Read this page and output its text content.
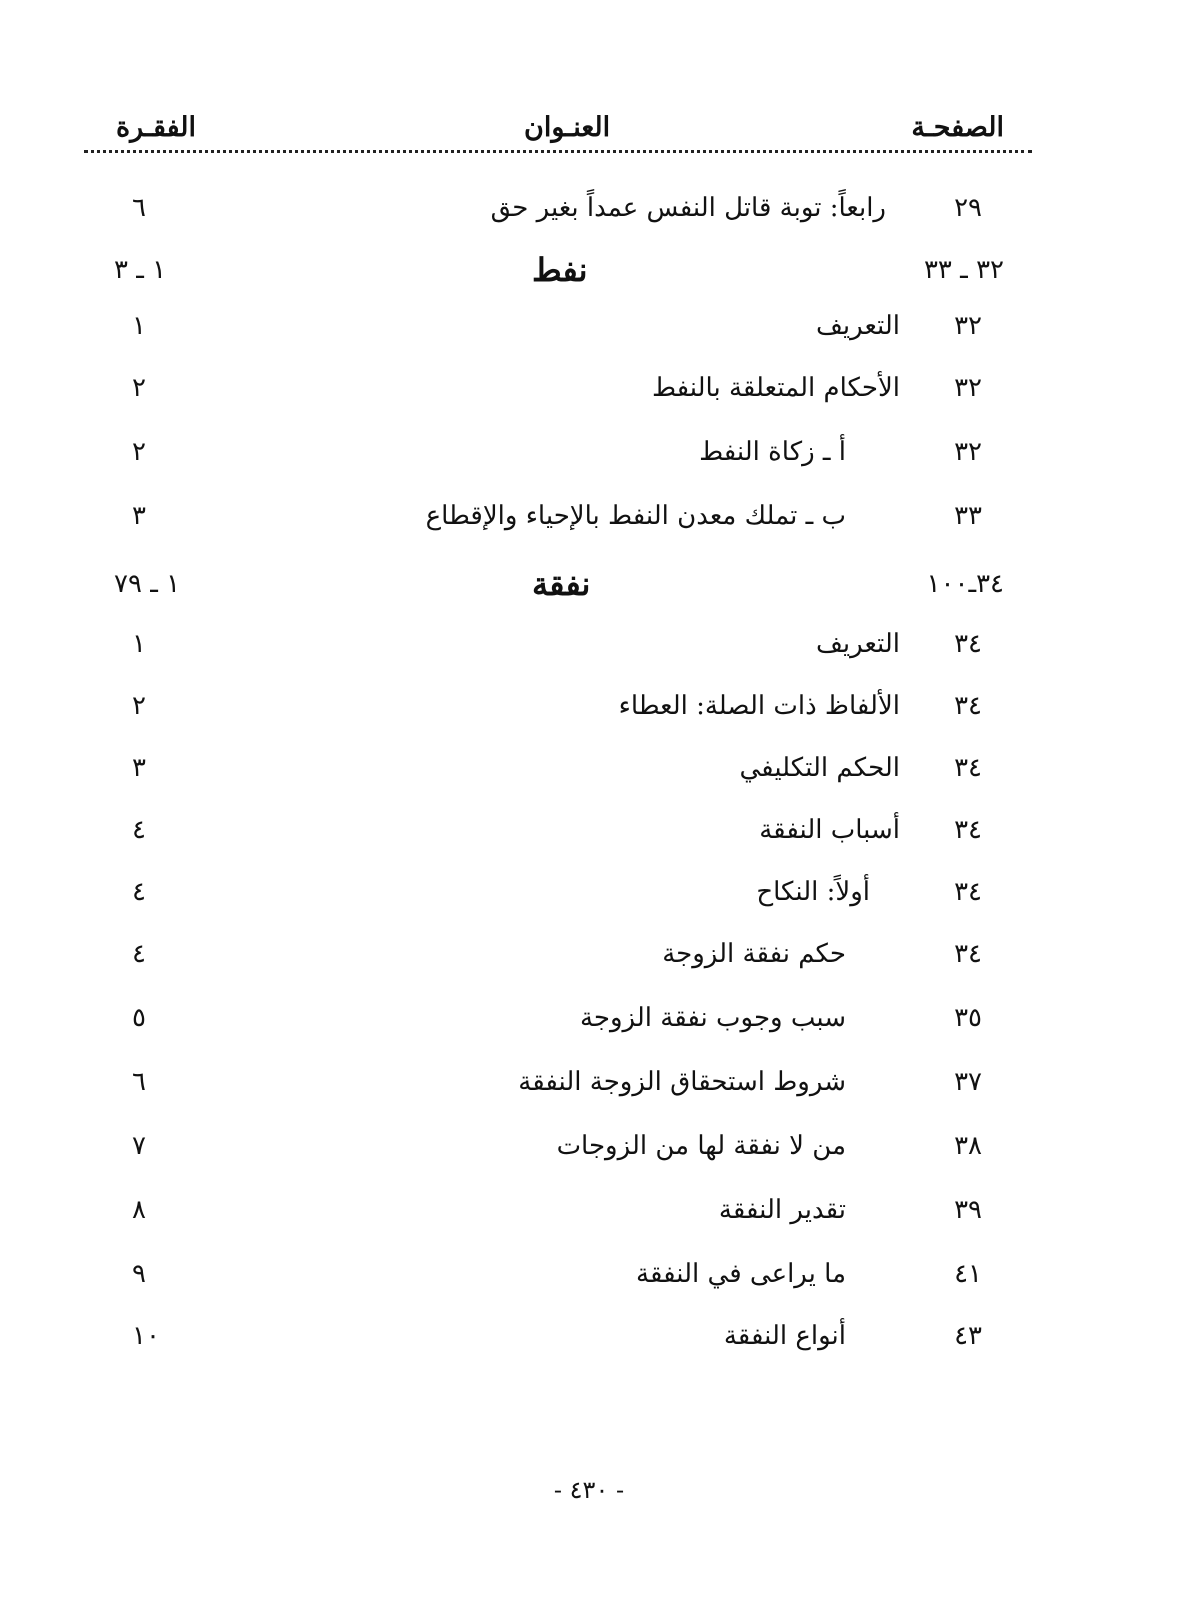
الصفحـة
العنـوان
الفقـرة
٢٩
رابعاً: توبة قاتل النفس عمداً بغير حق
٦
٣٢ ـ ٣٣
نفط
١ ـ ٣
٣٢
التعريف
١
٣٢
الأحكام المتعلقة بالنفط
٢
٣٢
أ ـ زكاة النفط
٢
٣٣
ب ـ تملك معدن النفط بالإحياء والإقطاع
٣
٣٤ـ١٠٠
نفقة
١ ـ ٧٩
٣٤
التعريف
١
٣٤
الألفاظ ذات الصلة: العطاء
٢
٣٤
الحكم التكليفي
٣
٣٤
أسباب النفقة
٤
٣٤
أولاً: النكاح
٤
٣٤
حكم نفقة الزوجة
٤
٣٥
سبب وجوب نفقة الزوجة
٥
٣٧
شروط استحقاق الزوجة النفقة
٦
٣٨
من لا نفقة لها من الزوجات
٧
٣٩
تقدير النفقة
٨
٤١
ما يراعى في النفقة
٩
٤٣
أنواع النفقة
١٠
- ٤٣٠ -
